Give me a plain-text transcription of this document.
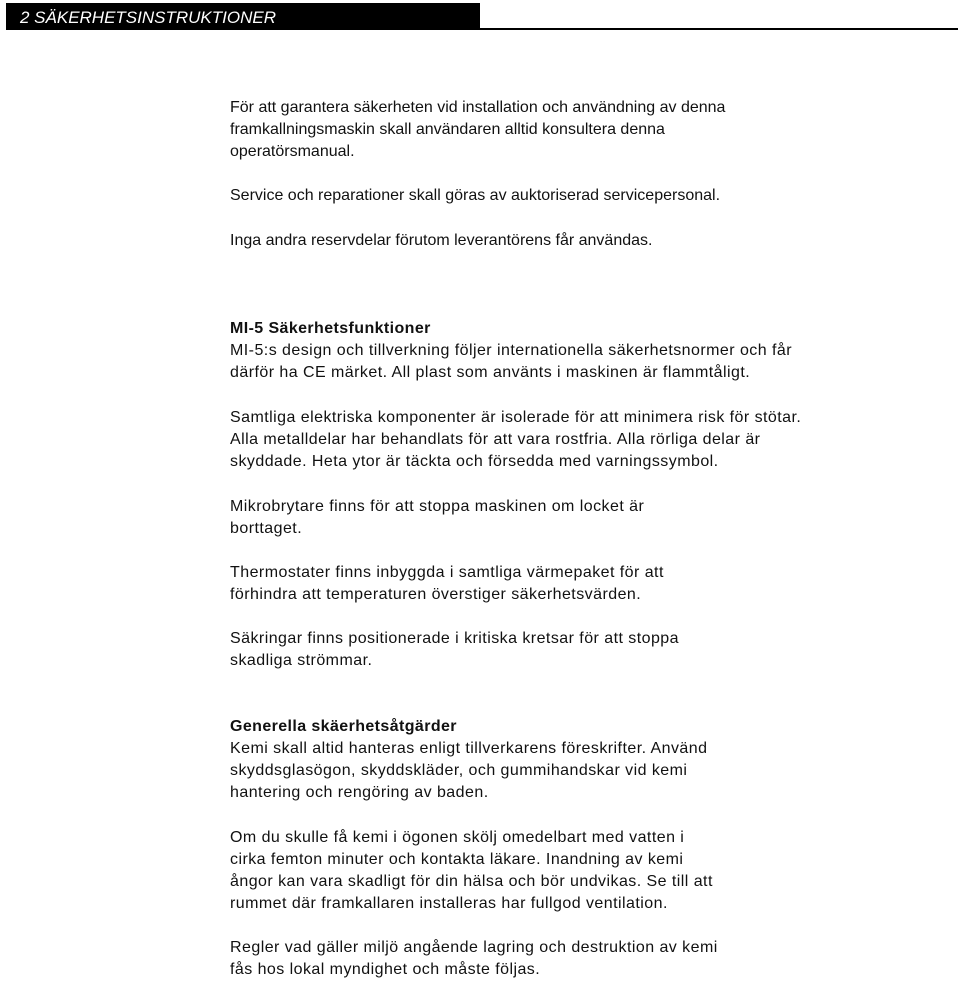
2 SÄKERHETSINSTRUKTIONER

För att garantera säkerheten vid installation och användning av denna
framkallningsmaskin skall användaren alltid konsultera denna
operatörsmanual.

Service och reparationer skall göras av auktoriserad servicepersonal.

Inga andra reservdelar förutom leverantörens får användas.

MI-5 Säkerhetsfunktioner

MI-5:s design och tillverkning följer internationella säkerhetsnormer och får
därför ha CE märket. All plast som använts i maskinen är flammtåligt.

Samtliga elektriska komponenter är isolerade för att minimera risk för stötar.
Alla metalldelar har behandlats för att vara rostfria. Alla rörliga delar är
skyddade. Heta ytor är täckta och försedda med varningssymbol.

Mikrobrytare finns för att stoppa maskinen om locket är
borttaget.

Thermostater finns inbyggda i samtliga värmepaket för att
förhindra att temperaturen överstiger säkerhetsvärden.

Säkringar finns positionerade i kritiska kretsar för att stoppa
skadliga strömmar.

Generella skäerhetsåtgärder

Kemi skall altid hanteras enligt tillverkarens föreskrifter. Använd
skyddsglasögon, skyddskläder, och gummihandskar vid kemi
hantering och rengöring av baden.

Om du skulle få kemi i ögonen skölj omedelbart med vatten i
cirka femton minuter och kontakta läkare. Inandning av kemi
ångor kan vara skadligt för din hälsa och bör undvikas. Se till att
rummet där framkallaren installeras har fullgod ventilation.

Regler vad gäller miljö angående lagring och destruktion av kemi
fås hos lokal myndighet och måste följas.
